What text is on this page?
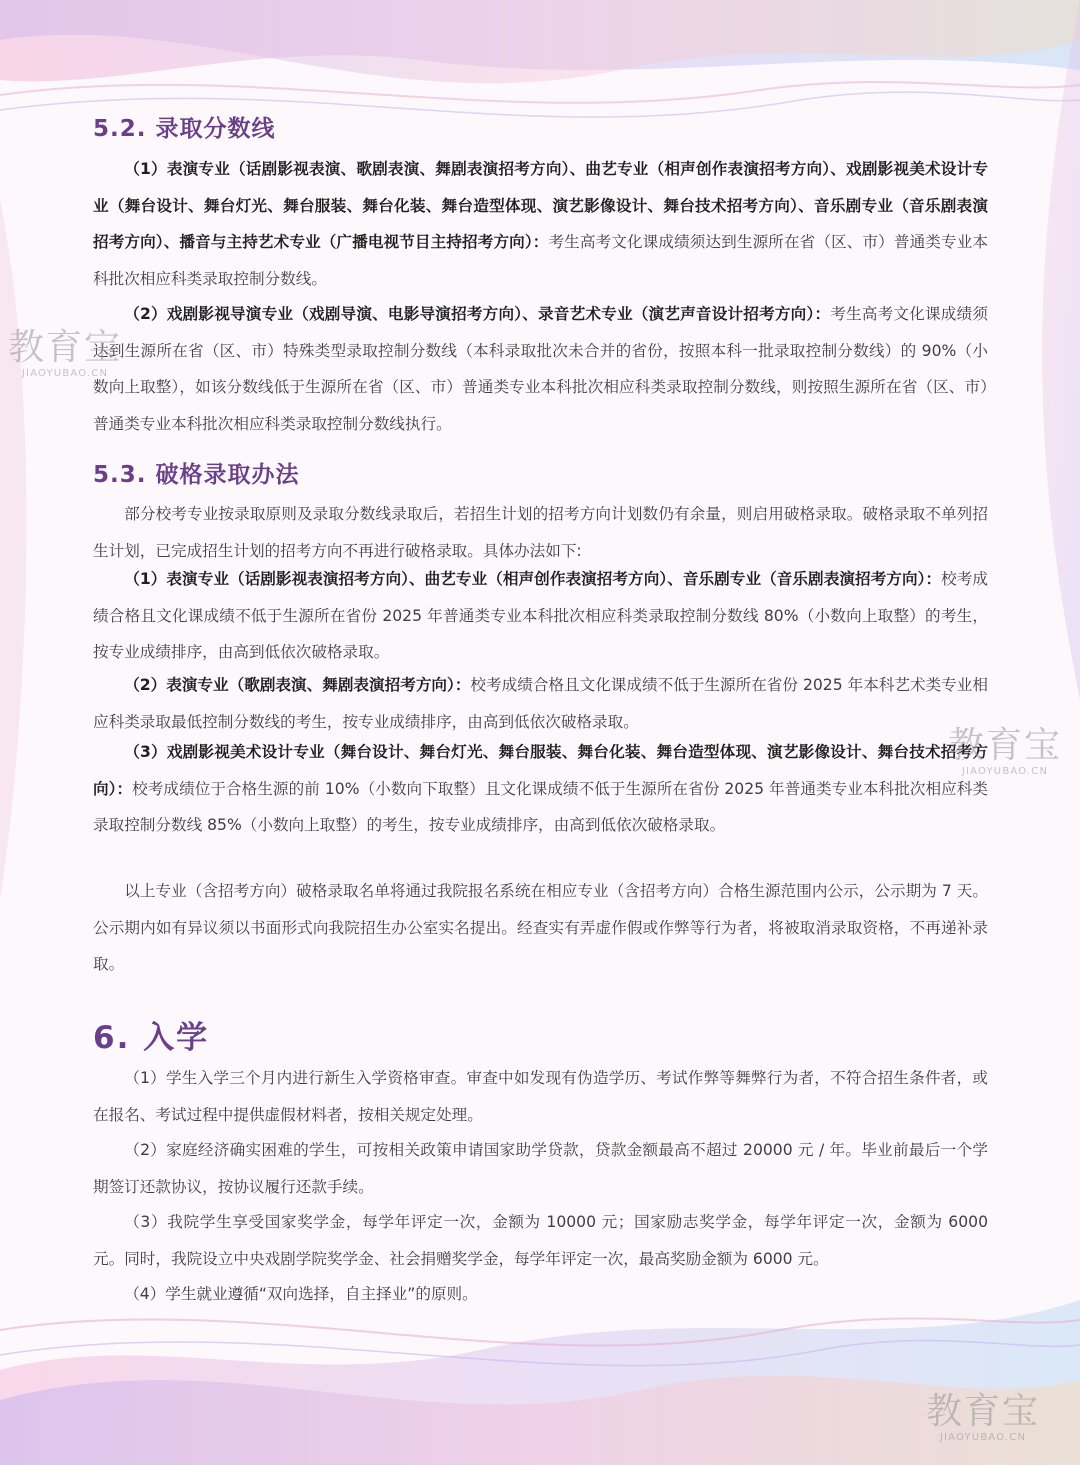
5.2. 录取分数线

（1）表演专业（话剧影视表演、歌剧表演、舞剧表演招考方向）、曲艺专业（相声创作表演招考方向）、戏剧影视美术设计专业（舞台设计、舞台灯光、舞台服装、舞台化装、舞台造型体现、演艺影像设计、舞台技术招考方向）、音乐剧专业（音乐剧表演招考方向）、播音与主持艺术专业（广播电视节目主持招考方向）：考生高考文化课成绩须达到生源所在省（区、市）普通类专业本科批次相应科类录取控制分数线。

（2）戏剧影视导演专业（戏剧导演、电影导演招考方向）、录音艺术专业（演艺声音设计招考方向）：考生高考文化课成绩须达到生源所在省（区、市）特殊类型录取控制分数线（本科录取批次未合并的省份，按照本科一批录取控制分数线）的 90%（小数向上取整），如该分数线低于生源所在省（区、市）普通类专业本科批次相应科类录取控制分数线，则按照生源所在省（区、市）普通类专业本科批次相应科类录取控制分数线执行。

5.3. 破格录取办法

部分校考专业按录取原则及录取分数线录取后，若招生计划的招考方向计划数仍有余量，则启用破格录取。破格录取不单列招生计划，已完成招生计划的招考方向不再进行破格录取。具体办法如下:

（1）表演专业（话剧影视表演招考方向）、曲艺专业（相声创作表演招考方向）、音乐剧专业（音乐剧表演招考方向）：校考成绩合格且文化课成绩不低于生源所在省份 2025 年普通类专业本科批次相应科类录取控制分数线 80%（小数向上取整）的考生，按专业成绩排序，由高到低依次破格录取。

（2）表演专业（歌剧表演、舞剧表演招考方向）：校考成绩合格且文化课成绩不低于生源所在省份 2025 年本科艺术类专业相应科类录取最低控制分数线的考生，按专业成绩排序，由高到低依次破格录取。

（3）戏剧影视美术设计专业（舞台设计、舞台灯光、舞台服装、舞台化装、舞台造型体现、演艺影像设计、舞台技术招考方向）：校考成绩位于合格生源的前 10%（小数向下取整）且文化课成绩不低于生源所在省份 2025 年普通类专业本科批次相应科类录取控制分数线 85%（小数向上取整）的考生，按专业成绩排序，由高到低依次破格录取。

以上专业（含招考方向）破格录取名单将通过我院报名系统在相应专业（含招考方向）合格生源范围内公示，公示期为 7 天。公示期内如有异议须以书面形式向我院招生办公室实名提出。经查实有弄虚作假或作弊等行为者，将被取消录取资格，不再递补录取。

6. 入学

（1）学生入学三个月内进行新生入学资格审查。审查中如发现有伪造学历、考试作弊等舞弊行为者，不符合招生条件者，或在报名、考试过程中提供虚假材料者，按相关规定处理。

（2）家庭经济确实困难的学生，可按相关政策申请国家助学贷款，贷款金额最高不超过 20000 元 / 年。毕业前最后一个学期签订还款协议，按协议履行还款手续。

（3）我院学生享受国家奖学金，每学年评定一次，金额为 10000 元；国家励志奖学金，每学年评定一次，金额为 6000 元。同时，我院设立中央戏剧学院奖学金、社会捐赠奖学金，每学年评定一次，最高奖励金额为 6000 元。

（4）学生就业遵循“双向选择，自主择业”的原则。

教育宝
JIAOYUBAO.CN
教育宝
JIAOYUBAO.CN
教育宝
JIAOYUBAO.CN
